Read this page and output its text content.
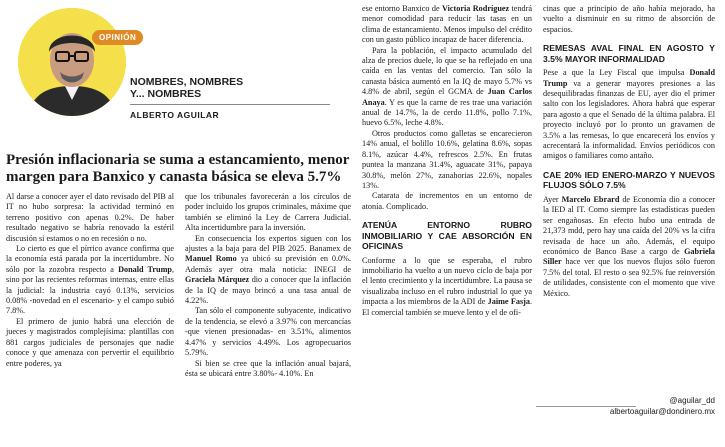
OPINIÓN
NOMBRES, NOMBRES
Y... NOMBRES
ALBERTO AGUILAR
Presión inflacionaria se suma a estancamiento, menor margen para Banxico y canasta básica se eleva 5.7%

Al darse a conocer ayer el dato revisado del PIB al IT no hubo sorpresa: la actividad terminó en terreno positivo con apenas 0.2%. De haber resultado negativo se habría renovado la estéril discusión si estamos o no en recesión o no.

Lo cierto es que el pírrico avance confirma que la economía está parada por la incertidumbre. No sólo por la zozobra respecto a Donald Trump, sino por las recientes reformas internas, entre ellas la judicial: la industria cayó 0.13%, servicios 0.08% -novedad en el escenario- y el campo subió 7.8%.

El primero de junio habrá una elección de jueces y magistrados complejísima: plantillas con 881 cargos judiciales de personajes que nadie conoce y que amenaza con pervertir el equilibrio entre poderes, ya

que los tribunales favorecerán a los círculos de poder incluido los grupos criminales, máxime que también se eliminó la Ley de Carrera Judicial. Alta incertidumbre para la inversión.

En consecuencia los expertos siguen con los ajustes a la baja para del PIB 2025. Banamex de Manuel Romo ya ubicó su previsión en 0.0%. Además ayer otra mala noticia: INEGI de Graciela Márquez dio a conocer que la inflación de la IQ de mayo brincó a una tasa anual de 4.22%.

Tan sólo el componente subyacente, indicativo de la tendencia, se elevó a 3.97% con mercancías -que vienen presionadas- en 3.51%, alimentos 4.47% y servicios 4.49%. Los agropecuarios 5.79%.

Si bien se cree que la inflación anual bajará, ésta se ubicará entre 3.80%- 4.10%. En

ese entorno Banxico de Victoria Rodríguez tendrá menor comodidad para reducir las tasas en un clima de estancamiento. Menos impulso del crédito con un gasto público incapaz de hacer diferencia.

Para la población, el impacto acumulado del alza de precios duele, lo que se ha reflejado en una caída en las ventas del comercio. Tan sólo la canasta básica aumentó en la IQ de mayo 5.7% vs 4.8% de abril, según el GCMA de Juan Carlos Anaya. Y es que la carne de res trae una variación anual de 14.7%, la de cerdo 11.8%, pollo 7.1%, huevo 6.5%, leche 4.8%.

Otros productos como galletas se encarecieron 14% anual, el bolillo 10.6%, gelatina 8.6%, sopas 8.1%, azúcar 4.4%, refrescos 2.5%. En frutas puntea la manzana 31.4%, aguacate 31%, papaya 30.8%, melón 27%, zanahorias 22.6%, nopales 13%.

Catarata de incrementos en un entorno de atonía. Complicado.

ATENÚA ENTORNO RUBRO INMOBILIARIO Y CAE ABSORCIÓN EN OFICINAS

Conforme a lo que se esperaba, el rubro inmobiliario ha vuelto a un nuevo ciclo de baja por el lento crecimiento y la incertidumbre. La pausa se visualizaba incluso en el rubro industrial lo que ya impacta a los miembros de la ADI de Jaime Fasja. El comercial también se mueve lento y el de ofi-

cinas que a principio de año había mejorado, ha vuelto a disminuir en su ritmo de absorción de espacios.

REMESAS AVAL FINAL EN AGOSTO Y 3.5% MAYOR INFORMALIDAD

Pese a que la Ley Fiscal que impulsa Donald Trump va a generar mayores presiones a las desequilibradas finanzas de EU, ayer dio el primer salto con los legisladores. Ahora habrá que esperar para agosto a que el Senado dé la última palabra. El proyecto incluyó por lo pronto un gravamen de 3.5% a las remesas, lo que encarecerá los envíos y acrecentará la informalidad. Envíos periódicos con amigos o familiares como antaño.

CAE 20% IED ENERO-MARZO Y NUEVOS FLUJOS SÓLO 7.5%

Ayer Marcelo Ebrard de Economía dio a conocer la IED al IT. Como siempre las estadísticas pueden ser engañosas. En efecto hubo una entrada de 21,373 mdd, pero hay una caída del 20% vs la cifra revisada de hace un año. Además, el equipo económico de Banco Base a cargo de Gabriela Siller hace ver que los nuevos flujos sólo fueron 7.5% del total. El resto o sea 92.5% fue reinversión de utilidades, consistente con el momento que vive México.

@aguilar_dd
albertoaguilar@dondinero.mx
